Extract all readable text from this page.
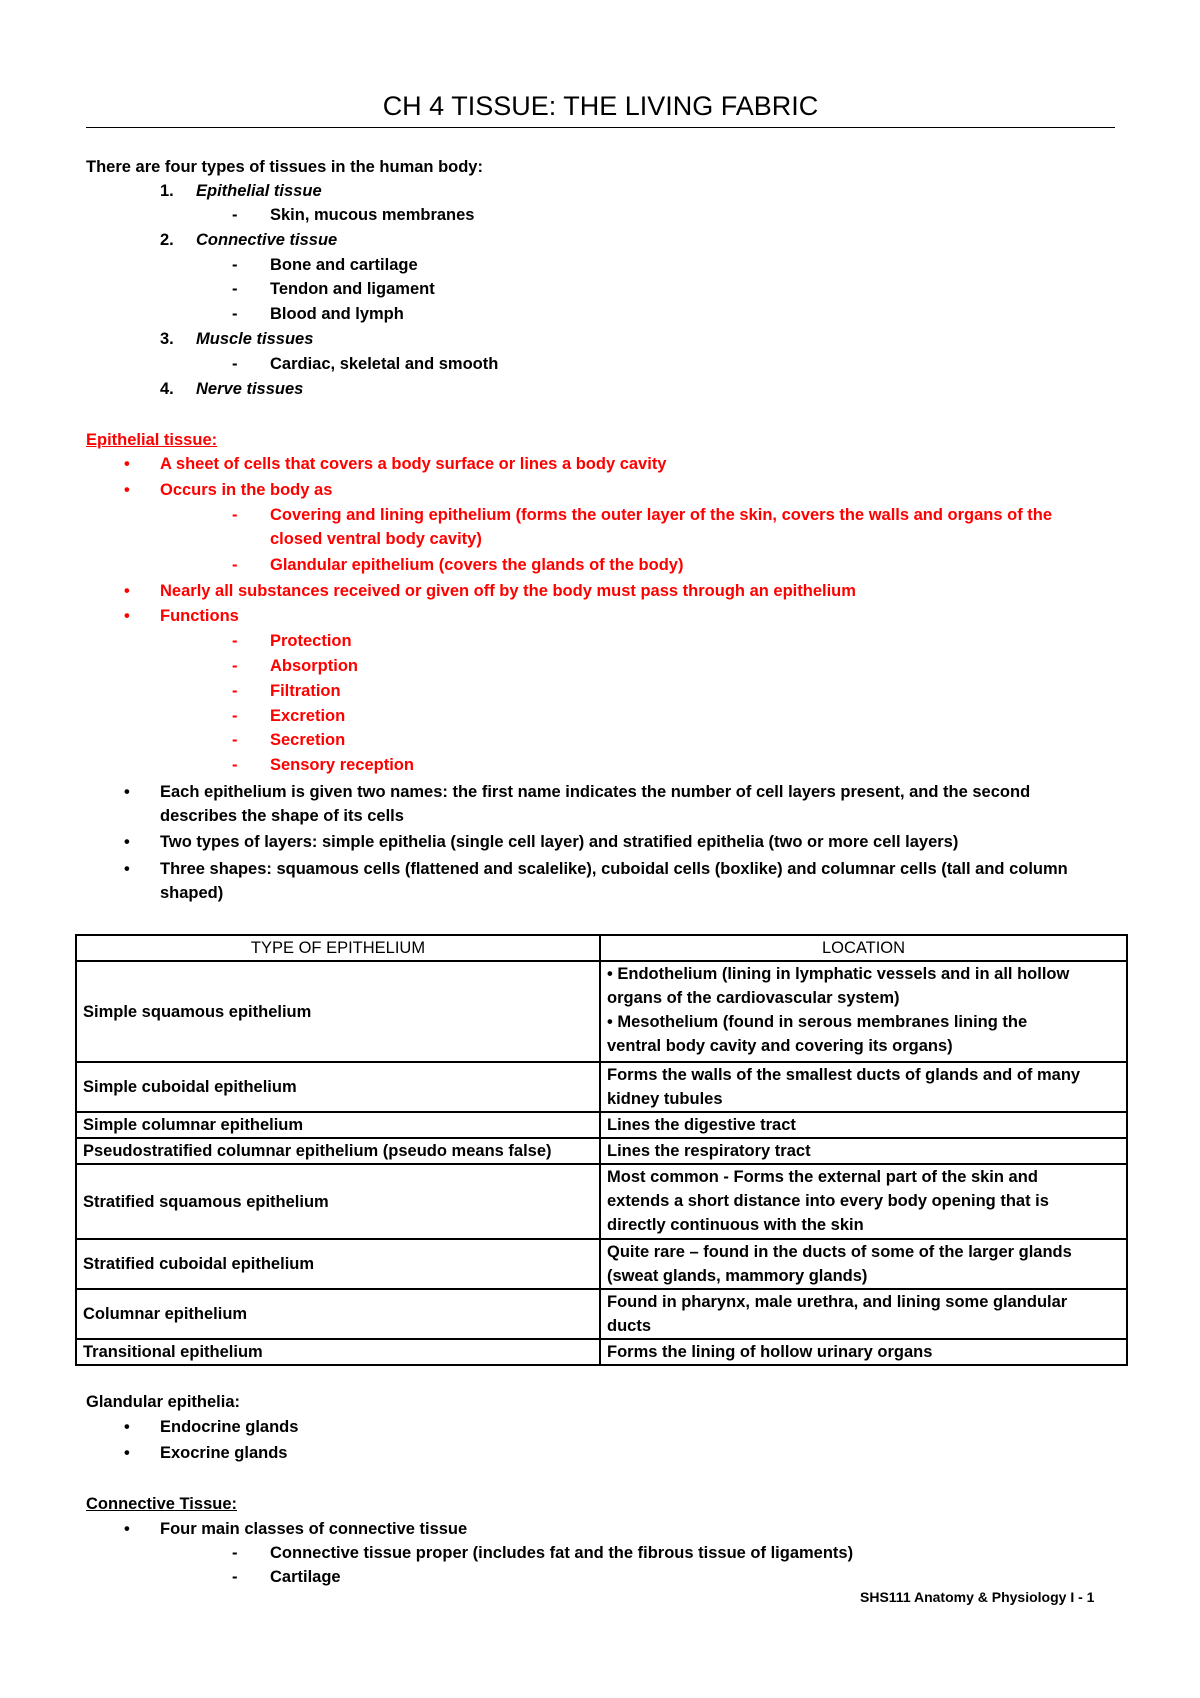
CH 4 TISSUE: THE LIVING FABRIC
There are four types of tissues in the human body:
1. Epithelial tissue
- Skin, mucous membranes
2. Connective tissue
- Bone and cartilage
- Tendon and ligament
- Blood and lymph
3. Muscle tissues
- Cardiac, skeletal and smooth
4. Nerve tissues
Epithelial tissue:
• A sheet of cells that covers a body surface or lines a body cavity
• Occurs in the body as
- Covering and lining epithelium (forms the outer layer of the skin, covers the walls and organs of the
closed ventral body cavity)
- Glandular epithelium (covers the glands of the body)
• Nearly all substances received or given off by the body must pass through an epithelium
• Functions
- Protection
- Absorption
- Filtration
- Excretion
- Secretion
- Sensory reception
• Each epithelium is given two names: the first name indicates the number of cell layers present, and the second
describes the shape of its cells
• Two types of layers: simple epithelia (single cell layer) and stratified epithelia (two or more cell layers)
• Three shapes: squamous cells (flattened and scalelike), cuboidal cells (boxlike) and columnar cells (tall and column
shaped)
TYPE OF EPITHELIUM	LOCATION
Simple squamous epithelium	• Endothelium (lining in lymphatic vessels and in all hollow
organs of the cardiovascular system)
• Mesothelium (found in serous membranes lining the
ventral body cavity and covering its organs)

Simple cuboidal epithelium	Forms the walls of the smallest ducts of glands and of many
kidney tubules

Simple columnar epithelium	Lines the digestive tract

Pseudostratified columnar epithelium (pseudo means false)	Lines the respiratory tract

Stratified squamous epithelium	Most common - Forms the external part of the skin and
extends a short distance into every body opening that is
directly continuous with the skin

Stratified cuboidal epithelium	Quite rare – found in the ducts of some of the larger glands
(sweat glands, mammory glands)

Columnar epithelium	Found in pharynx, male urethra, and lining some glandular
ducts

Transitional epithelium	Forms the lining of hollow urinary organs
Glandular epithelia:
• Endocrine glands
• Exocrine glands
Connective Tissue:
• Four main classes of connective tissue
- Connective tissue proper (includes fat and the fibrous tissue of ligaments)
- Cartilage
SHS111 Anatomy & Physiology I - 1
